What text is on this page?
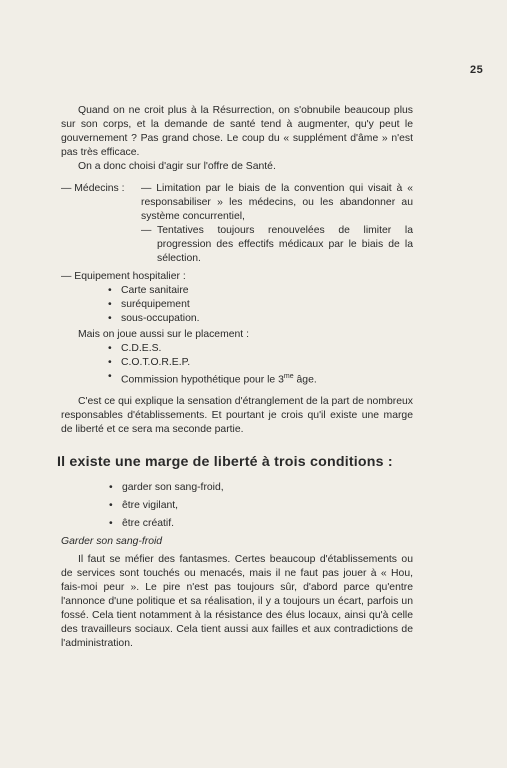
25

Quand on ne croit plus à la Résurrection, on s'obnubile beaucoup plus sur son corps, et la demande de santé tend à augmenter, qu'y peut le gouvernement ? Pas grand chose. Le coup du « supplément d'âme » n'est pas très efficace.

On a donc choisi d'agir sur l'offre de Santé.

— Médecins :	— Limitation par le biais de la convention qui visait à « responsabiliser » les médecins, ou les abandonner au système concurrentiel,
— Tentatives toujours renouvelées de limiter la progression des effectifs médicaux par le biais de la sélection.
— Equipement hospitalier :
• Carte sanitaire
• suréquipement
• sous-occupation.

Mais on joue aussi sur le placement :

• C.D.E.S.
• C.O.T.O.R.E.P.
• Commission hypothétique pour le $3^{me}$ âge.

C'est ce qui explique la sensation d'étranglement de la part de nombreux responsables d'établissements. Et pourtant je crois qu'il existe une marge de liberté et ce sera ma seconde partie.

Il existe une marge de liberté à trois conditions :
• garder son sang-froid,
• être vigilant,
• être créatif.

Garder son sang-froid

Il faut se méfier des fantasmes. Certes beaucoup d'établissements ou de services sont touchés ou menacés, mais il ne faut pas jouer à « Hou, fais-moi peur ». Le pire n'est pas toujours sûr, d'abord parce qu'entre l'annonce d'une politique et sa réalisation, il y a toujours un écart, parfois un fossé. Cela tient notamment à la résistance des élus locaux, ainsi qu'à celle des travailleurs sociaux. Cela tient aussi aux failles et aux contradictions de l'administration.
